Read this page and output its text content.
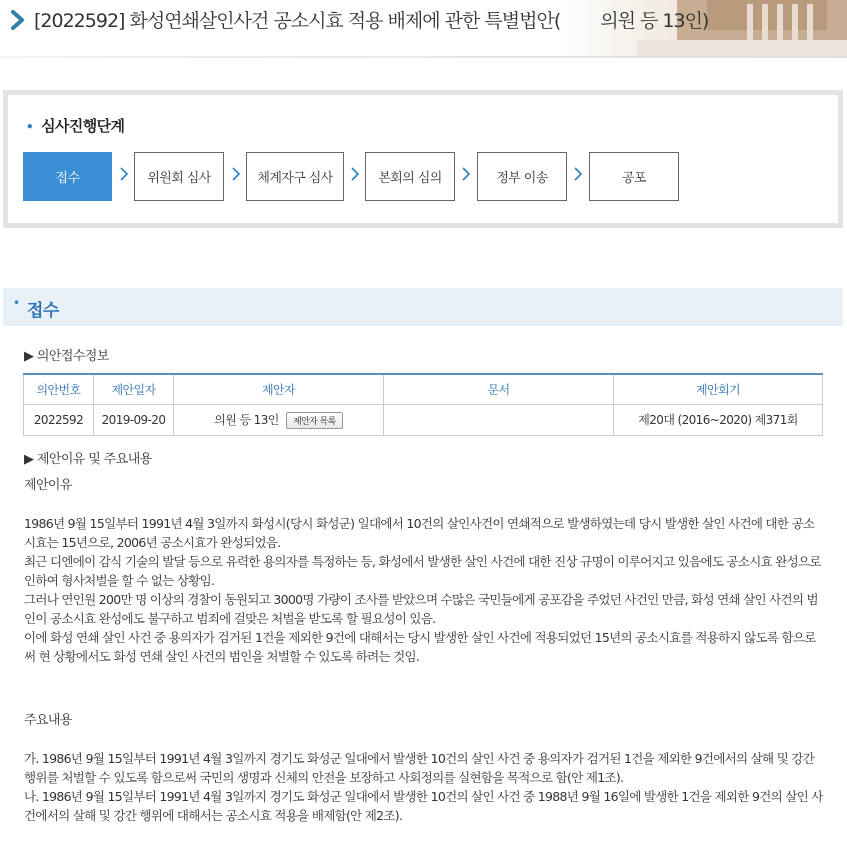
[2022592] 화성연쇄살인사건 공소시효 적용 배제에 관한 특별법안( 의원 등 13인)
• 심사진행단계
접수	위원회 심사	체계자구 심사	본회의 심의	정부 이송	공포
• 접수
▶ 의안접수정보
의안번호	제안일자	제안자	문서	제안회기
2022592	2019-09-20	의원 등 13인 제안자 목록		제20대 (2016~2020) 제371회
▶ 제안이유 및 주요내용
제안이유

1986년 9월 15일부터 1991년 4월 3일까지 화성시(당시 화성군) 일대에서 10건의 살인사건이 연쇄적으로 발생하였는데 당시 발생한 살인 사건에 대한 공소시효는 15년으로, 2006년 공소시효가 완성되었음.

최근 디엔에이 감식 기술의 발달 등으로 유력한 용의자를 특정하는 등, 화성에서 발생한 살인 사건에 대한 진상 규명이 이루어지고 있음에도 공소시효 완성으로 인하여 형사처벌을 할 수 없는 상황임.

그러나 연인원 200만 명 이상의 경찰이 동원되고 3000명 가량이 조사를 받았으며 수많은 국민들에게 공포감을 주었던 사건인 만큼, 화성 연쇄 살인 사건의 범인이 공소시효 완성에도 불구하고 범죄에 걸맞은 처벌을 받도록 할 필요성이 있음.

이에 화성 연쇄 살인 사건 중 용의자가 검거된 1건을 제외한 9건에 대해서는 당시 발생한 살인 사건에 적용되었던 15년의 공소시효를 적용하지 않도록 함으로써 현 상황에서도 화성 연쇄 살인 사건의 범인을 처벌할 수 있도록 하려는 것임.

주요내용

가. 1986년 9월 15일부터 1991년 4월 3일까지 경기도 화성군 일대에서 발생한 10건의 살인 사건 중 용의자가 검거된 1건을 제외한 9건에서의 살해 및 강간 행위를 처벌할 수 있도록 함으로써 국민의 생명과 신체의 안전을 보장하고 사회정의를 실현함을 목적으로 함(안 제1조).

나. 1986년 9월 15일부터 1991년 4월 3일까지 경기도 화성군 일대에서 발생한 10건의 살인 사건 중 1988년 9월 16일에 발생한 1건을 제외한 9건의 살인 사건에서의 살해 및 강간 행위에 대해서는 공소시효 적용을 배제함(안 제2조).
